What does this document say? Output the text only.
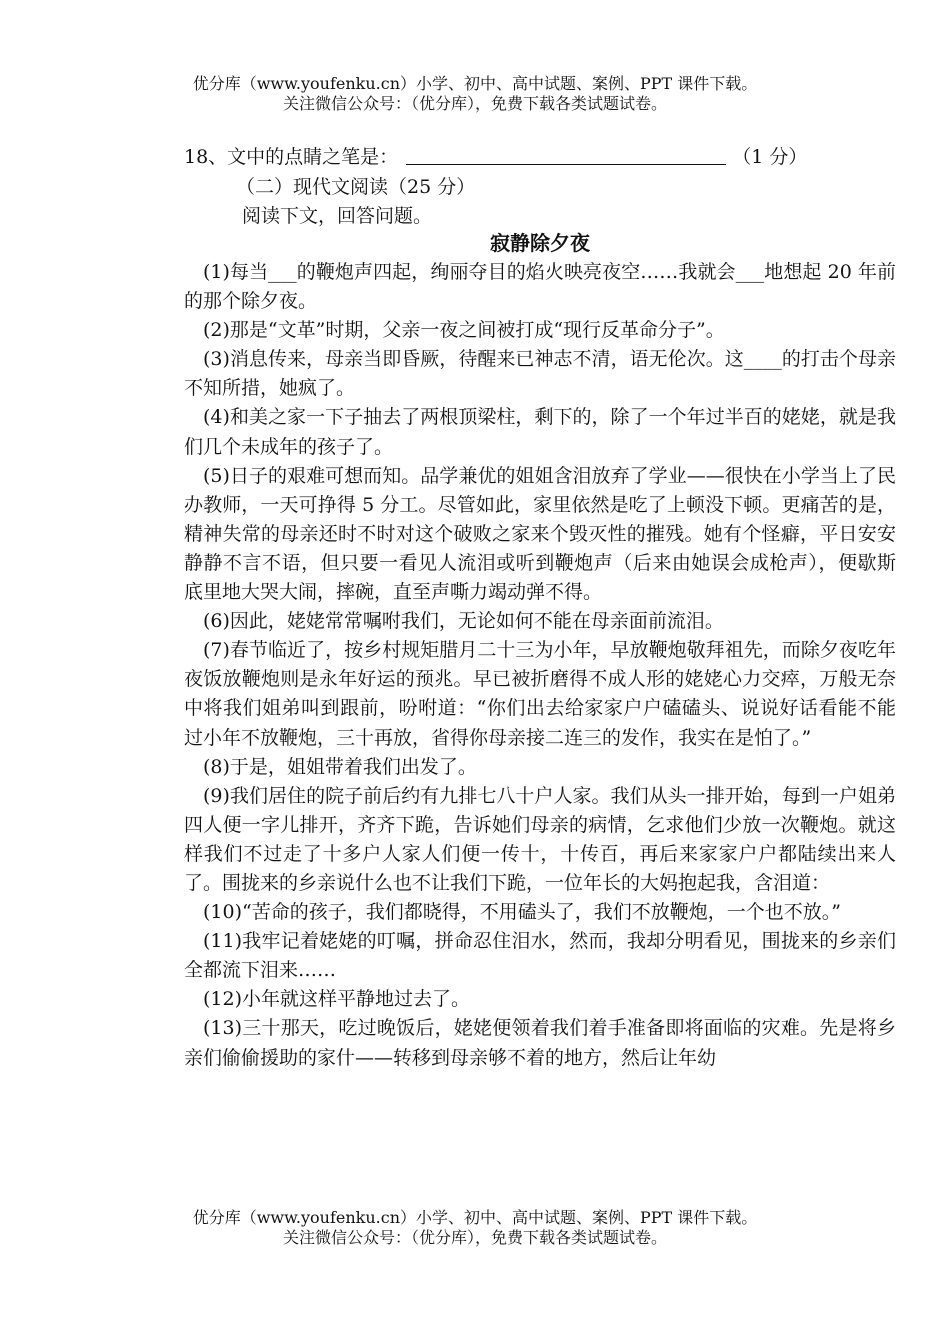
优分库（www.youfenku.cn）小学、初中、高中试题、案例、PPT 课件下载。
关注微信公众号：（优分库），免费下载各类试题试卷。
18、文中的点睛之笔是：	（1 分）
（二）现代文阅读（25 分）
阅读下文，回答问题。
寂静除夕夜

(1)每当___的鞭炮声四起，绚丽夺目的焰火映亮夜空……我就会___地想起 20 年前的那个除夕夜。

(2)那是“文革”时期，父亲一夜之间被打成“现行反革命分子”。

(3)消息传来，母亲当即昏厥，待醒来已神志不清，语无伦次。这____的打击个母亲不知所措，她疯了。

(4)和美之家一下子抽去了两根顶梁柱，剩下的，除了一个年过半百的姥姥，就是我们几个未成年的孩子了。

(5)日子的艰难可想而知。品学兼优的姐姐含泪放弃了学业——很快在小学当上了民办教师，一天可挣得 5 分工。尽管如此，家里依然是吃了上顿没下顿。更痛苦的是，精神失常的母亲还时不时对这个破败之家来个毁灭性的摧残。她有个怪癖，平日安安静静不言不语，但只要一看见人流泪或听到鞭炮声（后来由她误会成枪声），便歇斯底里地大哭大闹，摔碗，直至声嘶力竭动弹不得。

(6)因此，姥姥常常嘱咐我们，无论如何不能在母亲面前流泪。

(7)春节临近了，按乡村规矩腊月二十三为小年，早放鞭炮敬拜祖先，而除夕夜吃年夜饭放鞭炮则是永年好运的预兆。早已被折磨得不成人形的姥姥心力交瘁，万般无奈中将我们姐弟叫到跟前，吩咐道：“你们出去给家家户户磕磕头、说说好话看能不能过小年不放鞭炮，三十再放，省得你母亲接二连三的发作，我实在是怕了。”

(8)于是，姐姐带着我们出发了。

(9)我们居住的院子前后约有九排七八十户人家。我们从头一排开始，每到一户姐弟四人便一字儿排开，齐齐下跪，告诉她们母亲的病情，乞求他们少放一次鞭炮。就这样我们不过走了十多户人家人们便一传十，十传百，再后来家家户户都陆续出来人了。围拢来的乡亲说什么也不让我们下跪，一位年长的大妈抱起我，含泪道：

(10)“苦命的孩子，我们都晓得，不用磕头了，我们不放鞭炮，一个也不放。”

(11)我牢记着姥姥的叮嘱，拼命忍住泪水，然而，我却分明看见，围拢来的乡亲们全都流下泪来……

(12)小年就这样平静地过去了。

(13)三十那天，吃过晚饭后，姥姥便领着我们着手准备即将面临的灾难。先是将乡亲们偷偷援助的家什——转移到母亲够不着的地方，然后让年幼

优分库（www.youfenku.cn）小学、初中、高中试题、案例、PPT 课件下载。
关注微信公众号：（优分库），免费下载各类试题试卷。
